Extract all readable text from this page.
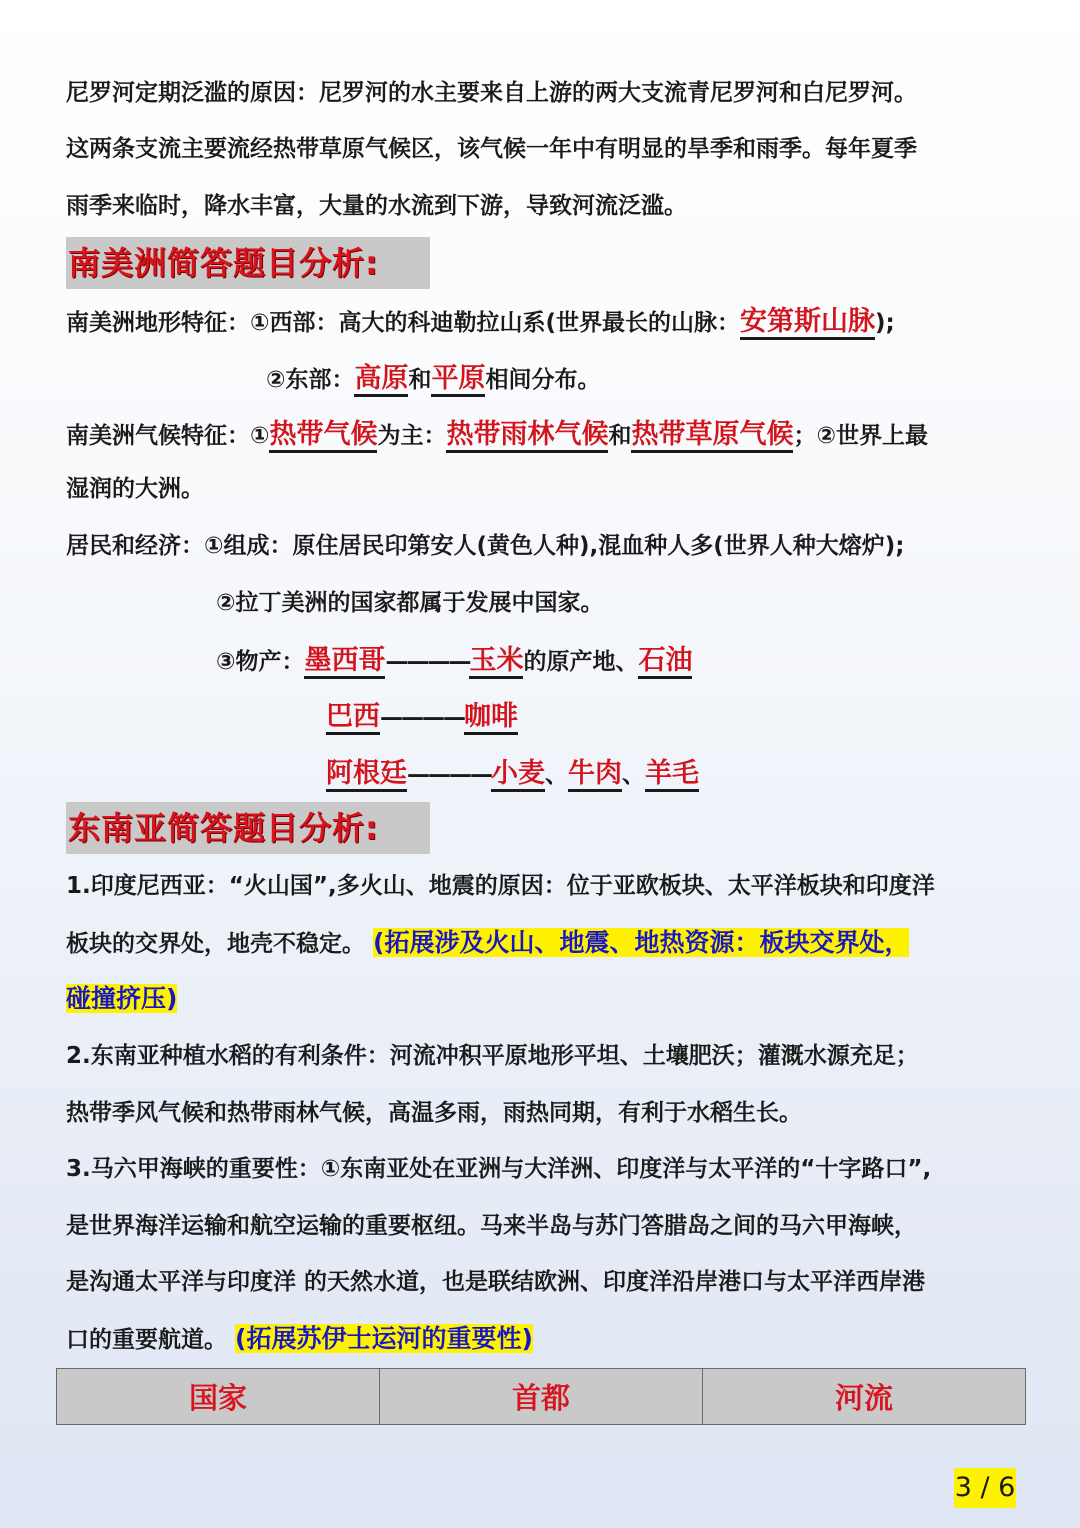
尼罗河定期泛滥的原因：尼罗河的水主要来自上游的两大支流青尼罗河和白尼罗河。
这两条支流主要流经热带草原气候区，该气候一年中有明显的旱季和雨季。每年夏季
雨季来临时，降水丰富，大量的水流到下游，导致河流泛滥。
南美洲简答题目分析:
南美洲地形特征：①西部：高大的科迪勒拉山系(世界最长的山脉：安第斯山脉);
②东部：高原和平原相间分布。
南美洲气候特征：①热带气候为主：热带雨林气候和热带草原气候；②世界上最
湿润的大洲。
居民和经济：①组成：原住居民印第安人(黄色人种),混血种人多(世界人种大熔炉);
②拉丁美洲的国家都属于发展中国家。
③物产：墨西哥————玉米的原产地、石油
巴西————咖啡
阿根廷————小麦、牛肉、羊毛
东南亚简答题目分析:
1.印度尼西亚：“火山国”,多火山、地震的原因：位于亚欧板块、太平洋板块和印度洋
板块的交界处，地壳不稳定。 (拓展涉及火山、地震、地热资源：板块交界处，
碰撞挤压)
2.东南亚种植水稻的有利条件：河流冲积平原地形平坦、土壤肥沃；灌溉水源充足；
热带季风气候和热带雨林气候，高温多雨，雨热同期，有利于水稻生长。
3.马六甲海峡的重要性：①东南亚处在亚洲与大洋洲、印度洋与太平洋的“十字路口”,
是世界海洋运输和航空运输的重要枢纽。马来半岛与苏门答腊岛之间的马六甲海峡，
是沟通太平洋与印度洋 的天然水道，也是联结欧洲、印度洋沿岸港口与太平洋西岸港
口的重要航道。 (拓展苏伊士运河的重要性)
国家	首都	河流
3 / 6
